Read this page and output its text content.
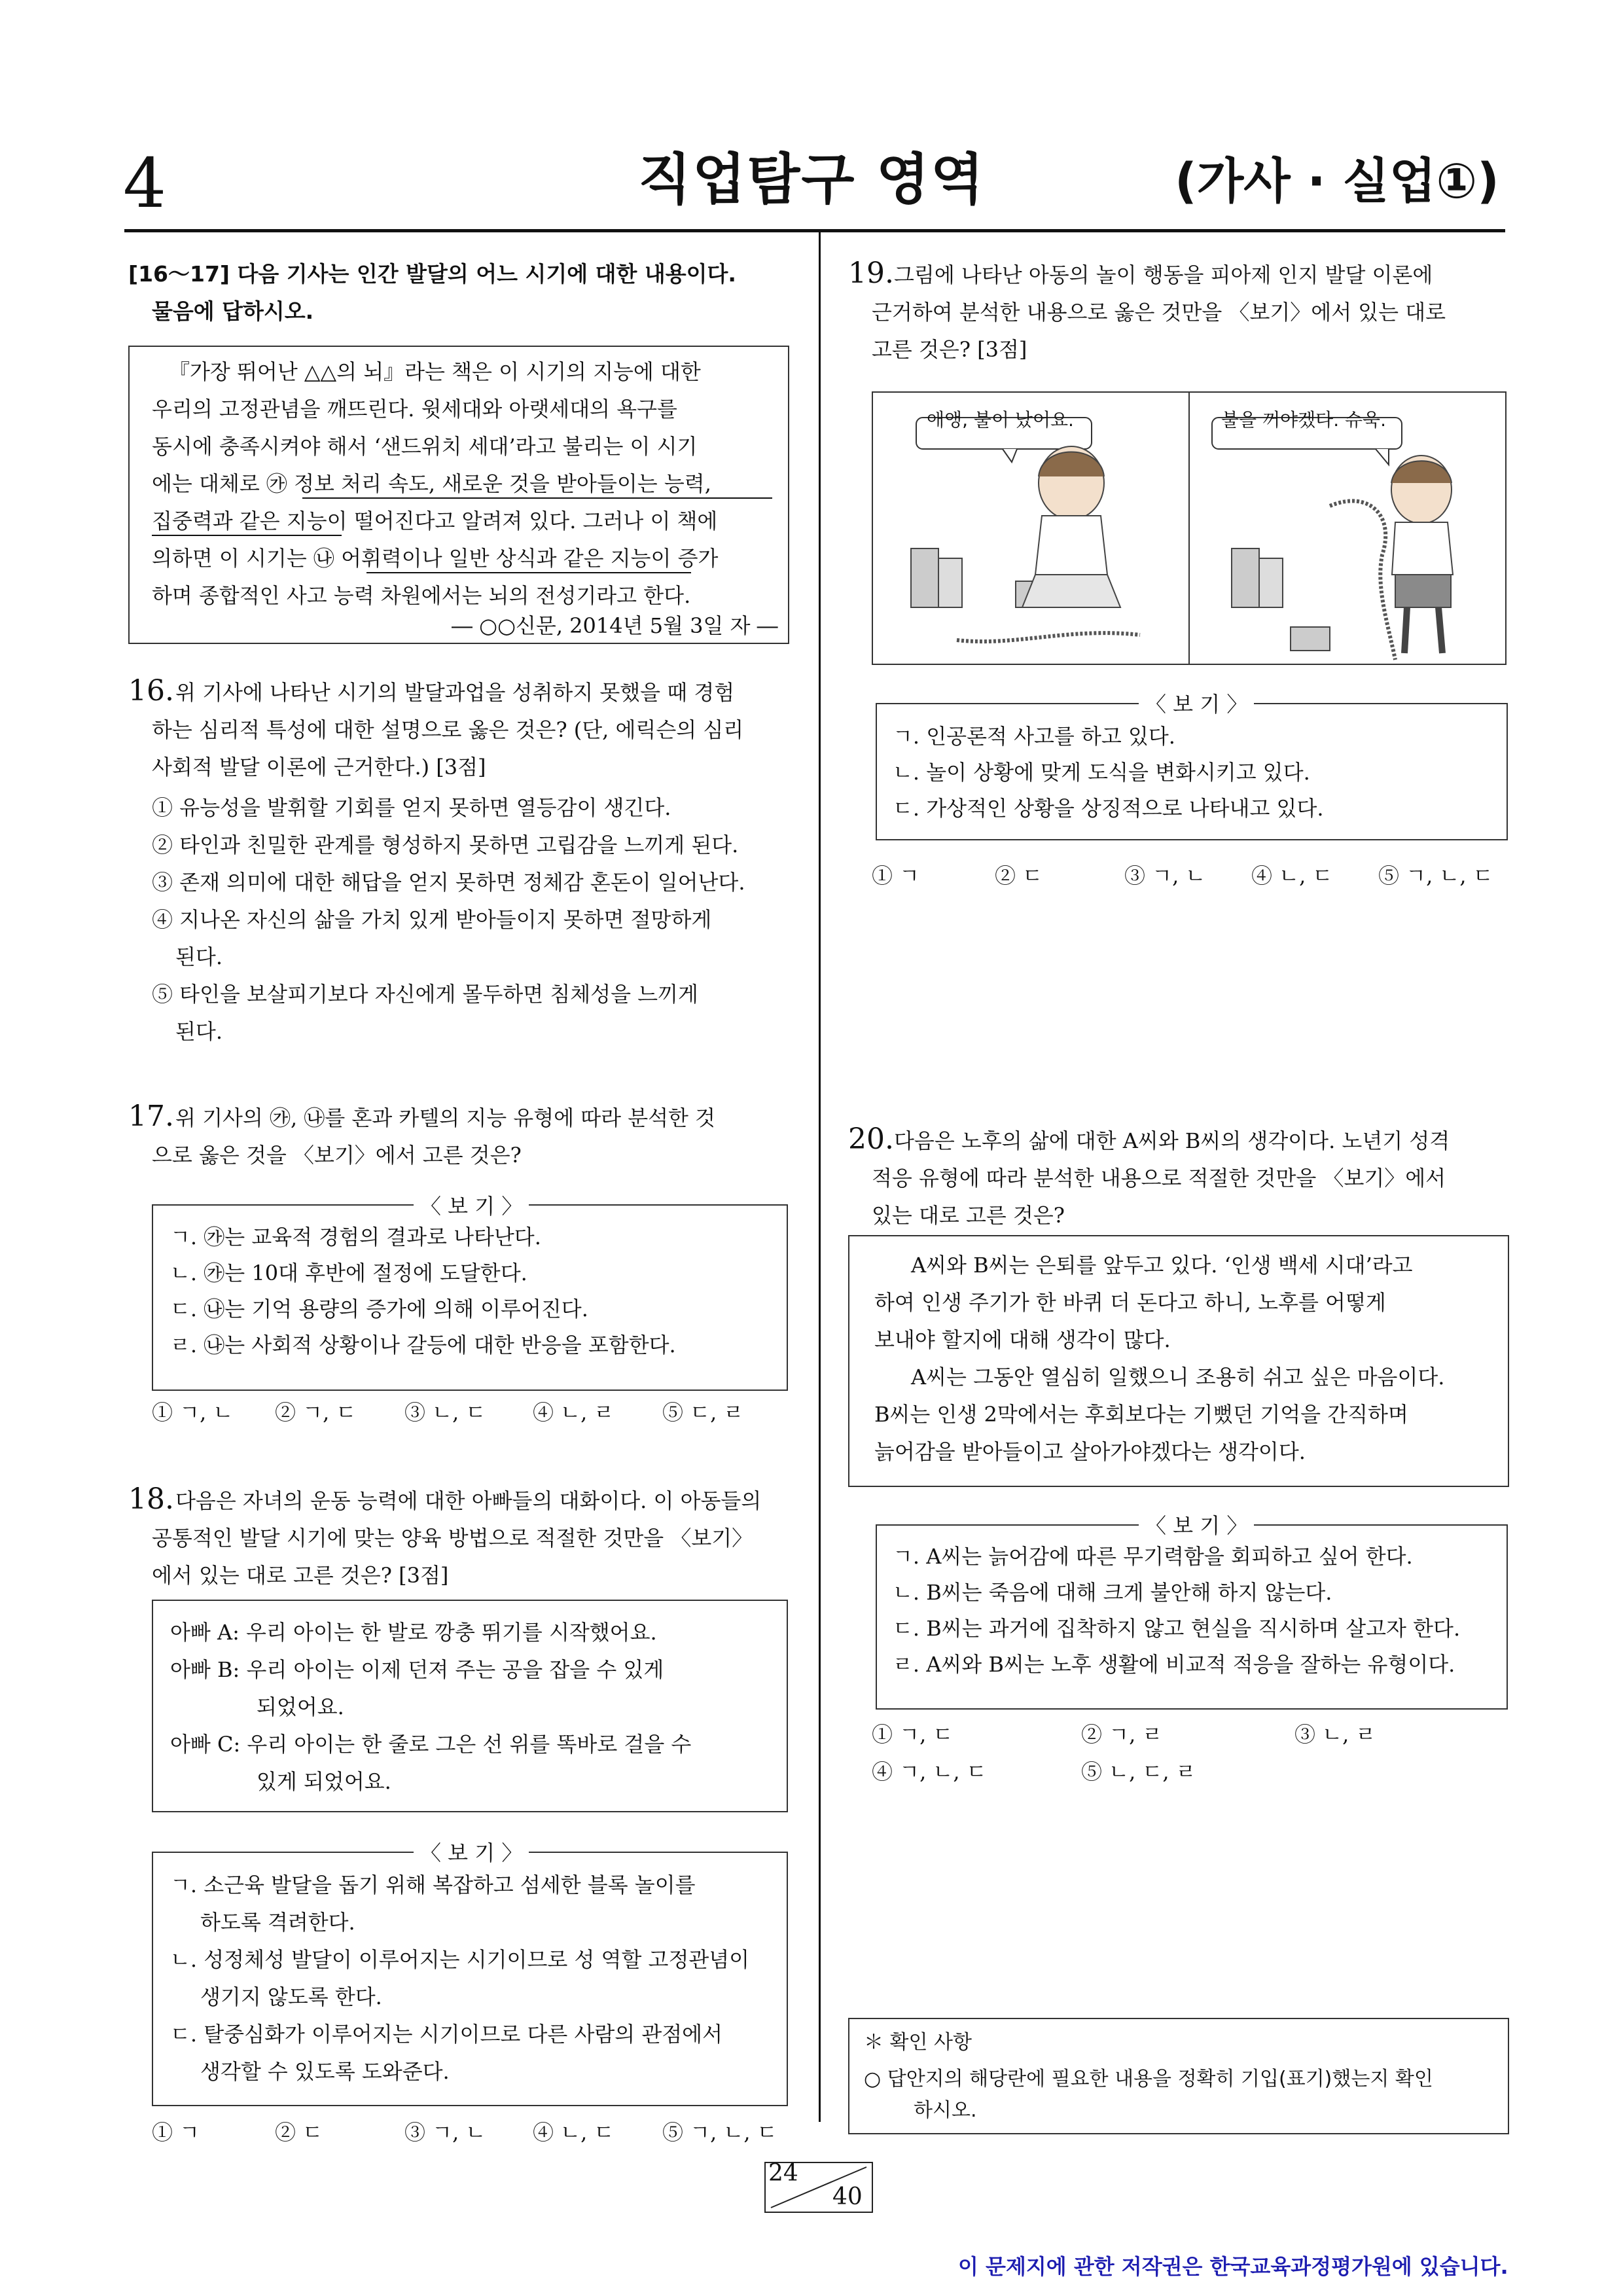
4	직업탐구 영역	(가사 · 실업①)
[16～17] 다음 기사는 인간 발달의 어느 시기에 대한 내용이다.
물음에 답하시오.
『가장 뛰어난 △△의 뇌』라는 책은 이 시기의 지능에 대한
우리의 고정관념을 깨뜨린다. 윗세대와 아랫세대의 욕구를
동시에 충족시켜야 해서 ‘샌드위치 세대’라고 불리는 이 시기
에는 대체로 ㉮ 정보 처리 속도, 새로운 것을 받아들이는 능력,
집중력과 같은 지능이 떨어진다고 알려져 있다. 그러나 이 책에
의하면 이 시기는 ㉯ 어휘력이나 일반 상식과 같은 지능이 증가
하며 종합적인 사고 능력 차원에서는 뇌의 전성기라고 한다.
― ○○신문, 2014년 5월 3일 자 ―
16. 위 기사에 나타난 시기의 발달과업을 성취하지 못했을 때 경험
하는 심리적 특성에 대한 설명으로 옳은 것은? (단, 에릭슨의 심리
사회적 발달 이론에 근거한다.) [3점]
① 유능성을 발휘할 기회를 얻지 못하면 열등감이 생긴다.
② 타인과 친밀한 관계를 형성하지 못하면 고립감을 느끼게 된다.
③ 존재 의미에 대한 해답을 얻지 못하면 정체감 혼돈이 일어난다.
④ 지나온 자신의 삶을 가치 있게 받아들이지 못하면 절망하게
된다.
⑤ 타인을 보살피기보다 자신에게 몰두하면 침체성을 느끼게
된다.
17. 위 기사의 ㉮, ㉯를 혼과 카텔의 지능 유형에 따라 분석한 것
으로 옳은 것을 〈보기〉에서 고른 것은?
〈 보 기 〉
ㄱ. ㉮는 교육적 경험의 결과로 나타난다.
ㄴ. ㉮는 10대 후반에 절정에 도달한다.
ㄷ. ㉯는 기억 용량의 증가에 의해 이루어진다.
ㄹ. ㉯는 사회적 상황이나 갈등에 대한 반응을 포함한다.
① ㄱ, ㄴ ② ㄱ, ㄷ ③ ㄴ, ㄷ ④ ㄴ, ㄹ ⑤ ㄷ, ㄹ
18. 다음은 자녀의 운동 능력에 대한 아빠들의 대화이다. 이 아동들의
공통적인 발달 시기에 맞는 양육 방법으로 적절한 것만을 〈보기〉
에서 있는 대로 고른 것은? [3점]
아빠 A: 우리 아이는 한 발로 깡충 뛰기를 시작했어요.
아빠 B: 우리 아이는 이제 던져 주는 공을 잡을 수 있게
되었어요.
아빠 C: 우리 아이는 한 줄로 그은 선 위를 똑바로 걸을 수
있게 되었어요.
〈 보 기 〉
ㄱ. 소근육 발달을 돕기 위해 복잡하고 섬세한 블록 놀이를
하도록 격려한다.
ㄴ. 성정체성 발달이 이루어지는 시기이므로 성 역할 고정관념이
생기지 않도록 한다.
ㄷ. 탈중심화가 이루어지는 시기이므로 다른 사람의 관점에서
생각할 수 있도록 도와준다.
① ㄱ	② ㄷ	③ ㄱ, ㄴ ④ ㄴ, ㄷ ⑤ ㄱ, ㄴ, ㄷ
19. 그림에 나타난 아동의 놀이 행동을 피아제 인지 발달 이론에
근거하여 분석한 내용으로 옳은 것만을 〈보기〉에서 있는 대로
고른 것은? [3점]
애앵, 불이 났어요.	불을 꺼야겠다. 슈욱.
〈 보 기 〉
ㄱ. 인공론적 사고를 하고 있다.
ㄴ. 놀이 상황에 맞게 도식을 변화시키고 있다.
ㄷ. 가상적인 상황을 상징적으로 나타내고 있다.
① ㄱ	② ㄷ	③ ㄱ, ㄴ ④ ㄴ, ㄷ ⑤ ㄱ, ㄴ, ㄷ
20. 다음은 노후의 삶에 대한 A씨와 B씨의 생각이다. 노년기 성격
적응 유형에 따라 분석한 내용으로 적절한 것만을 〈보기〉에서
있는 대로 고른 것은?
A씨와 B씨는 은퇴를 앞두고 있다. ‘인생 백세 시대’라고
하여 인생 주기가 한 바퀴 더 돈다고 하니, 노후를 어떻게
보내야 할지에 대해 생각이 많다.
A씨는 그동안 열심히 일했으니 조용히 쉬고 싶은 마음이다.
B씨는 인생 2막에서는 후회보다는 기뻤던 기억을 간직하며
늙어감을 받아들이고 살아가야겠다는 생각이다.
〈 보 기 〉
ㄱ. A씨는 늙어감에 따른 무기력함을 회피하고 싶어 한다.
ㄴ. B씨는 죽음에 대해 크게 불안해 하지 않는다.
ㄷ. B씨는 과거에 집착하지 않고 현실을 직시하며 살고자 한다.
ㄹ. A씨와 B씨는 노후 생활에 비교적 적응을 잘하는 유형이다.
① ㄱ, ㄷ	② ㄱ, ㄹ	③ ㄴ, ㄹ
④ ㄱ, ㄴ, ㄷ	⑤ ㄴ, ㄷ, ㄹ
＊ 확인 사항
○ 답안지의 해당란에 필요한 내용을 정확히 기입(표기)했는지 확인
하시오.
24
40
이 문제지에 관한 저작권은 한국교육과정평가원에 있습니다.
